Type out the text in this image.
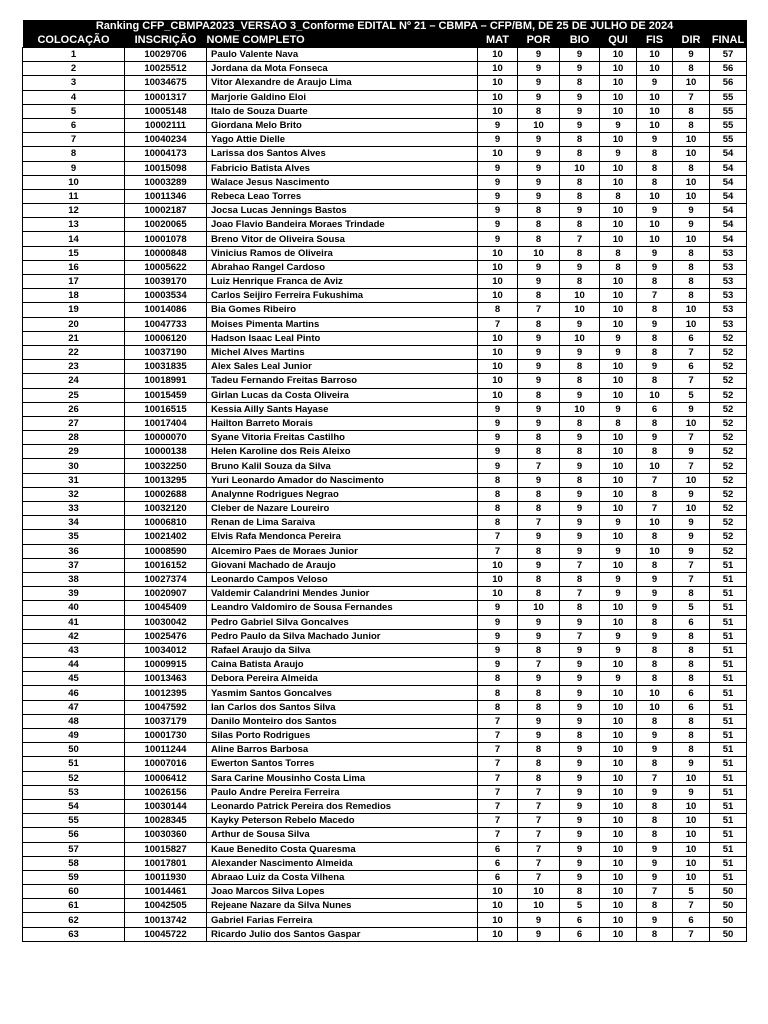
Ranking CFP_CBMPA2023_VERSÃO 3_Conforme EDITAL Nº 21 – CBMPA – CFP/BM, DE 25 DE JULHO DE 2024									
COLOCAÇÃO	INSCRIÇÃO	NOME COMPLETO	MAT	POR	BIO	QUI	FIS	DIR	FINAL
1	10029706	Paulo Valente Nava	10	9	9	10	10	9	57
2	10025512	Jordana da Mota Fonseca	10	9	9	10	10	8	56
3	10034675	Vitor Alexandre de Araujo Lima	10	9	8	10	9	10	56
4	10001317	Marjorie Galdino Eloi	10	9	9	10	10	7	55
5	10005148	Italo de Souza Duarte	10	8	9	10	10	8	55
6	10002111	Giordana Melo Brito	9	10	9	9	10	8	55
7	10040234	Yago Attie Dielle	9	9	8	10	9	10	55
8	10004173	Larissa dos Santos Alves	10	9	8	9	8	10	54
9	10015098	Fabricio Batista Alves	9	9	10	10	8	8	54
10	10003289	Walace Jesus Nascimento	9	9	8	10	8	10	54
11	10011346	Rebeca Leao Torres	9	9	8	8	10	10	54
12	10002187	Jocsa Lucas Jennings Bastos	9	8	9	10	9	9	54
13	10020065	Joao Flavio Bandeira Moraes Trindade	9	8	8	10	10	9	54
14	10001078	Breno Vitor de Oliveira Sousa	9	8	7	10	10	10	54
15	10000848	Vinicius Ramos de Oliveira	10	10	8	8	9	8	53
16	10005622	Abrahao Rangel Cardoso	10	9	9	8	9	8	53
17	10039170	Luiz Henrique Franca de Aviz	10	9	8	10	8	8	53
18	10003534	Carlos Seijiro Ferreira Fukushima	10	8	10	10	7	8	53
19	10014086	Bia Gomes Ribeiro	8	7	10	10	8	10	53
20	10047733	Moises Pimenta Martins	7	8	9	10	9	10	53
21	10006120	Hadson Isaac Leal Pinto	10	9	10	9	8	6	52
22	10037190	Michel Alves Martins	10	9	9	9	8	7	52
23	10031835	Alex Sales Leal Junior	10	9	8	10	9	6	52
24	10018991	Tadeu Fernando Freitas Barroso	10	9	8	10	8	7	52
25	10015459	Girlan Lucas da Costa Oliveira	10	8	9	10	10	5	52
26	10016515	Kessia Ailly Sants Hayase	9	9	10	9	6	9	52
27	10017404	Hailton Barreto Morais	9	9	8	8	8	10	52
28	10000070	Syane Vitoria Freitas Castilho	9	8	9	10	9	7	52
29	10000138	Helen Karoline dos Reis Aleixo	9	8	8	10	8	9	52
30	10032250	Bruno Kalil Souza da Silva	9	7	9	10	10	7	52
31	10013295	Yuri Leonardo Amador do Nascimento	8	9	8	10	7	10	52
32	10002688	Analynne Rodrigues Negrao	8	8	9	10	8	9	52
33	10032120	Cleber de Nazare Loureiro	8	8	9	10	7	10	52
34	10006810	Renan de Lima Saraiva	8	7	9	9	10	9	52
35	10021402	Elvis Rafa Mendonca Pereira	7	9	9	10	8	9	52
36	10008590	Alcemiro Paes de Moraes Junior	7	8	9	9	10	9	52
37	10016152	Giovani Machado de Araujo	10	9	7	10	8	7	51
38	10027374	Leonardo Campos Veloso	10	8	8	9	9	7	51
39	10020907	Valdemir Calandrini Mendes Junior	10	8	7	9	9	8	51
40	10045409	Leandro Valdomiro de Sousa Fernandes	9	10	8	10	9	5	51
41	10030042	Pedro Gabriel Silva Goncalves	9	9	9	10	8	6	51
42	10025476	Pedro Paulo da Silva Machado Junior	9	9	7	9	9	8	51
43	10034012	Rafael Araujo da Silva	9	8	9	9	8	8	51
44	10009915	Caina Batista Araujo	9	7	9	10	8	8	51
45	10013463	Debora Pereira Almeida	8	9	9	9	8	8	51
46	10012395	Yasmim Santos Goncalves	8	8	9	10	10	6	51
47	10047592	Ian Carlos dos Santos Silva	8	8	9	10	10	6	51
48	10037179	Danilo Monteiro dos Santos	7	9	9	10	8	8	51
49	10001730	Silas Porto Rodrigues	7	9	8	10	9	8	51
50	10011244	Aline Barros Barbosa	7	8	9	10	9	8	51
51	10007016	Ewerton Santos Torres	7	8	9	10	8	9	51
52	10006412	Sara Carine Mousinho Costa Lima	7	8	9	10	7	10	51
53	10026156	Paulo Andre Pereira Ferreira	7	7	9	10	9	9	51
54	10030144	Leonardo Patrick Pereira dos Remedios	7	7	9	10	8	10	51
55	10028345	Kayky Peterson Rebelo Macedo	7	7	9	10	8	10	51
56	10030360	Arthur de Sousa Silva	7	7	9	10	8	10	51
57	10015827	Kaue Benedito Costa Quaresma	6	7	9	10	9	10	51
58	10017801	Alexander Nascimento Almeida	6	7	9	10	9	10	51
59	10011930	Abraao Luiz da Costa Vilhena	6	7	9	10	9	10	51
60	10014461	Joao Marcos Silva Lopes	10	10	8	10	7	5	50
61	10042505	Rejeane Nazare da Silva Nunes	10	10	5	10	8	7	50
62	10013742	Gabriel Farias Ferreira	10	9	6	10	9	6	50
63	10045722	Ricardo Julio dos Santos Gaspar	10	9	6	10	8	7	50
